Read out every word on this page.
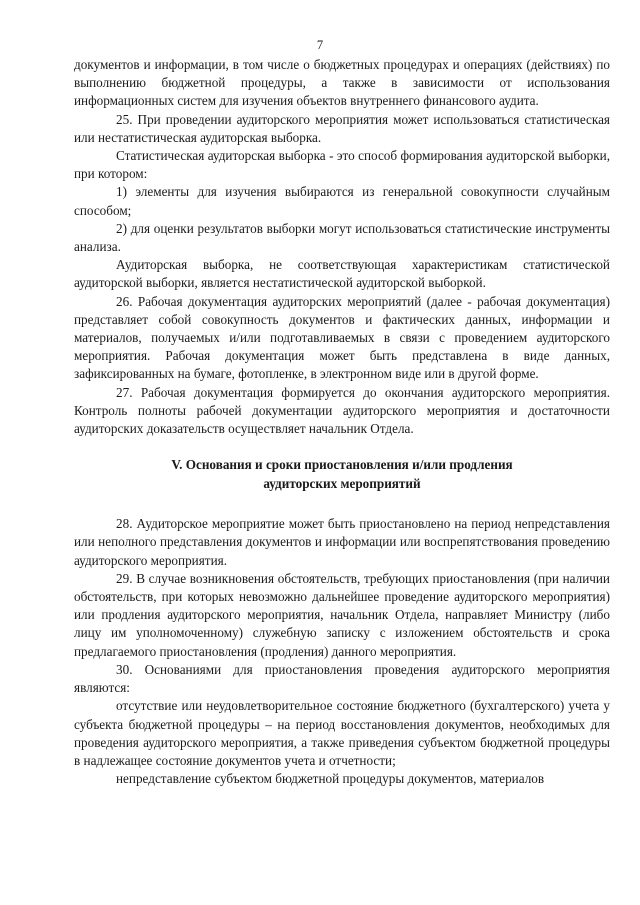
7

документов и информации, в том числе о бюджетных процедурах и операциях (действиях) по выполнению бюджетной процедуры, а также в зависимости от использования информационных систем для изучения объектов внутреннего финансового аудита.

25. При проведении аудиторского мероприятия может использоваться статистическая или нестатистическая аудиторская выборка.

Статистическая аудиторская выборка - это способ формирования аудиторской выборки, при котором:

1) элементы для изучения выбираются из генеральной совокупности случайным способом;

2) для оценки результатов выборки могут использоваться статистические инструменты анализа.

Аудиторская выборка, не соответствующая характеристикам статистической аудиторской выборки, является нестатистической аудиторской выборкой.

26. Рабочая документация аудиторских мероприятий (далее - рабочая документация) представляет собой совокупность документов и фактических данных, информации и материалов, получаемых и/или подготавливаемых в связи с проведением аудиторского мероприятия. Рабочая документация может быть представлена в виде данных, зафиксированных на бумаге, фотопленке, в электронном виде или в другой форме.

27. Рабочая документация формируется до окончания аудиторского мероприятия. Контроль полноты рабочей документации аудиторского мероприятия и достаточности аудиторских доказательств осуществляет начальник Отдела.

V. Основания и сроки приостановления и/или продления
аудиторских мероприятий

28. Аудиторское мероприятие может быть приостановлено на период непредставления или неполного представления документов и информации или воспрепятствования проведению аудиторского мероприятия.

29. В случае возникновения обстоятельств, требующих приостановления (при наличии обстоятельств, при которых невозможно дальнейшее проведение аудиторского мероприятия) или продления аудиторского мероприятия, начальник Отдела, направляет Министру (либо лицу им уполномоченному) служебную записку с изложением обстоятельств и срока предлагаемого приостановления (продления) данного мероприятия.

30. Основаниями для приостановления проведения аудиторского мероприятия являются:

отсутствие или неудовлетворительное состояние бюджетного (бухгалтерского) учета у субъекта бюджетной процедуры – на период восстановления документов, необходимых для проведения аудиторского мероприятия, а также приведения субъектом бюджетной процедуры в надлежащее состояние документов учета и отчетности;

непредставление субъектом бюджетной процедуры документов, материалов
